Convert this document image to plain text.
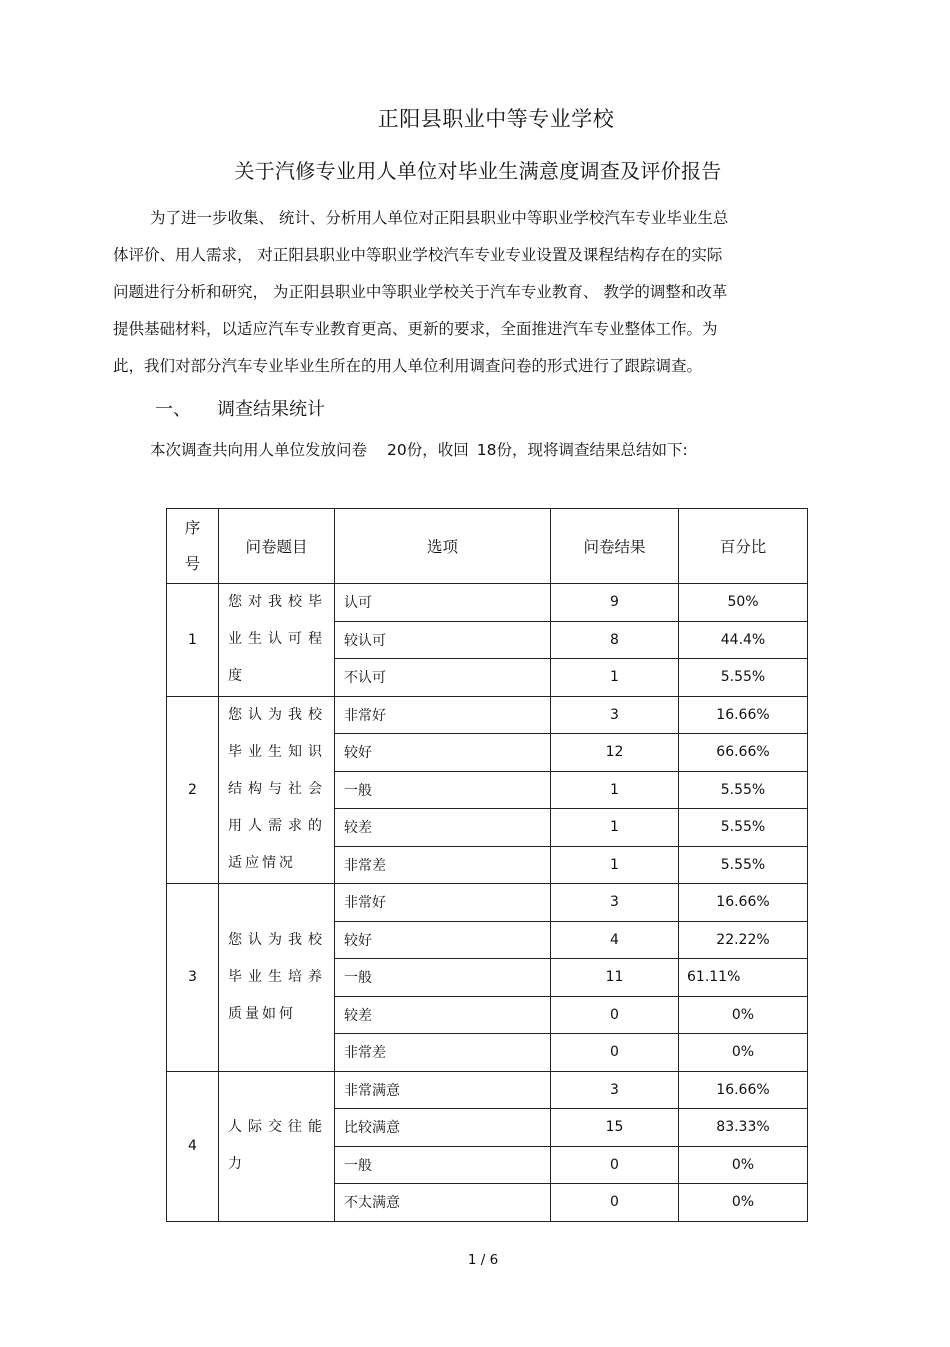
正阳县职业中等专业学校
关于汽修专业用人单位对毕业生满意度调查及评价报告
为了进一步收集、 统计、分析用人单位对正阳县职业中等职业学校汽车专业毕业生总
体评价、用人需求， 对正阳县职业中等职业学校汽车专业专业设置及课程结构存在的实际
问题进行分析和研究， 为正阳县职业中等职业学校关于汽车专业教育、 教学的调整和改革
提供基础材料，以适应汽车专业教育更高、更新的要求，全面推进汽车专业整体工作。为
此，我们对部分汽车专业毕业生所在的用人单位利用调查问卷的形式进行了跟踪调查。
一、 调查结果统计
本次调查共向用人单位发放问卷 20份，收回 18份，现将调查结果总结如下:
序
号	问卷题目	选项	问卷结果	百分比
1	您对我校毕业生认可程度	认可	9	50%
		较认可	8	44.4%
		不认可	1	5.55%
2	您认为我校毕业生知识结构与社会用人需求的适应情况	非常好	3	16.66%
		较好	12	66.66%
		一般	1	5.55%
		较差	1	5.55%
		非常差	1	5.55%
3	您认为我校毕业生培养质量如何	非常好	3	16.66%
		较好	4	22.22%
		一般	11	61.11%
		较差	0	0%
		非常差	0	0%
4	人际交往能力	非常满意	3	16.66%
		比较满意	15	83.33%
		一般	0	0%
		不太满意	0	0%
1 / 6
